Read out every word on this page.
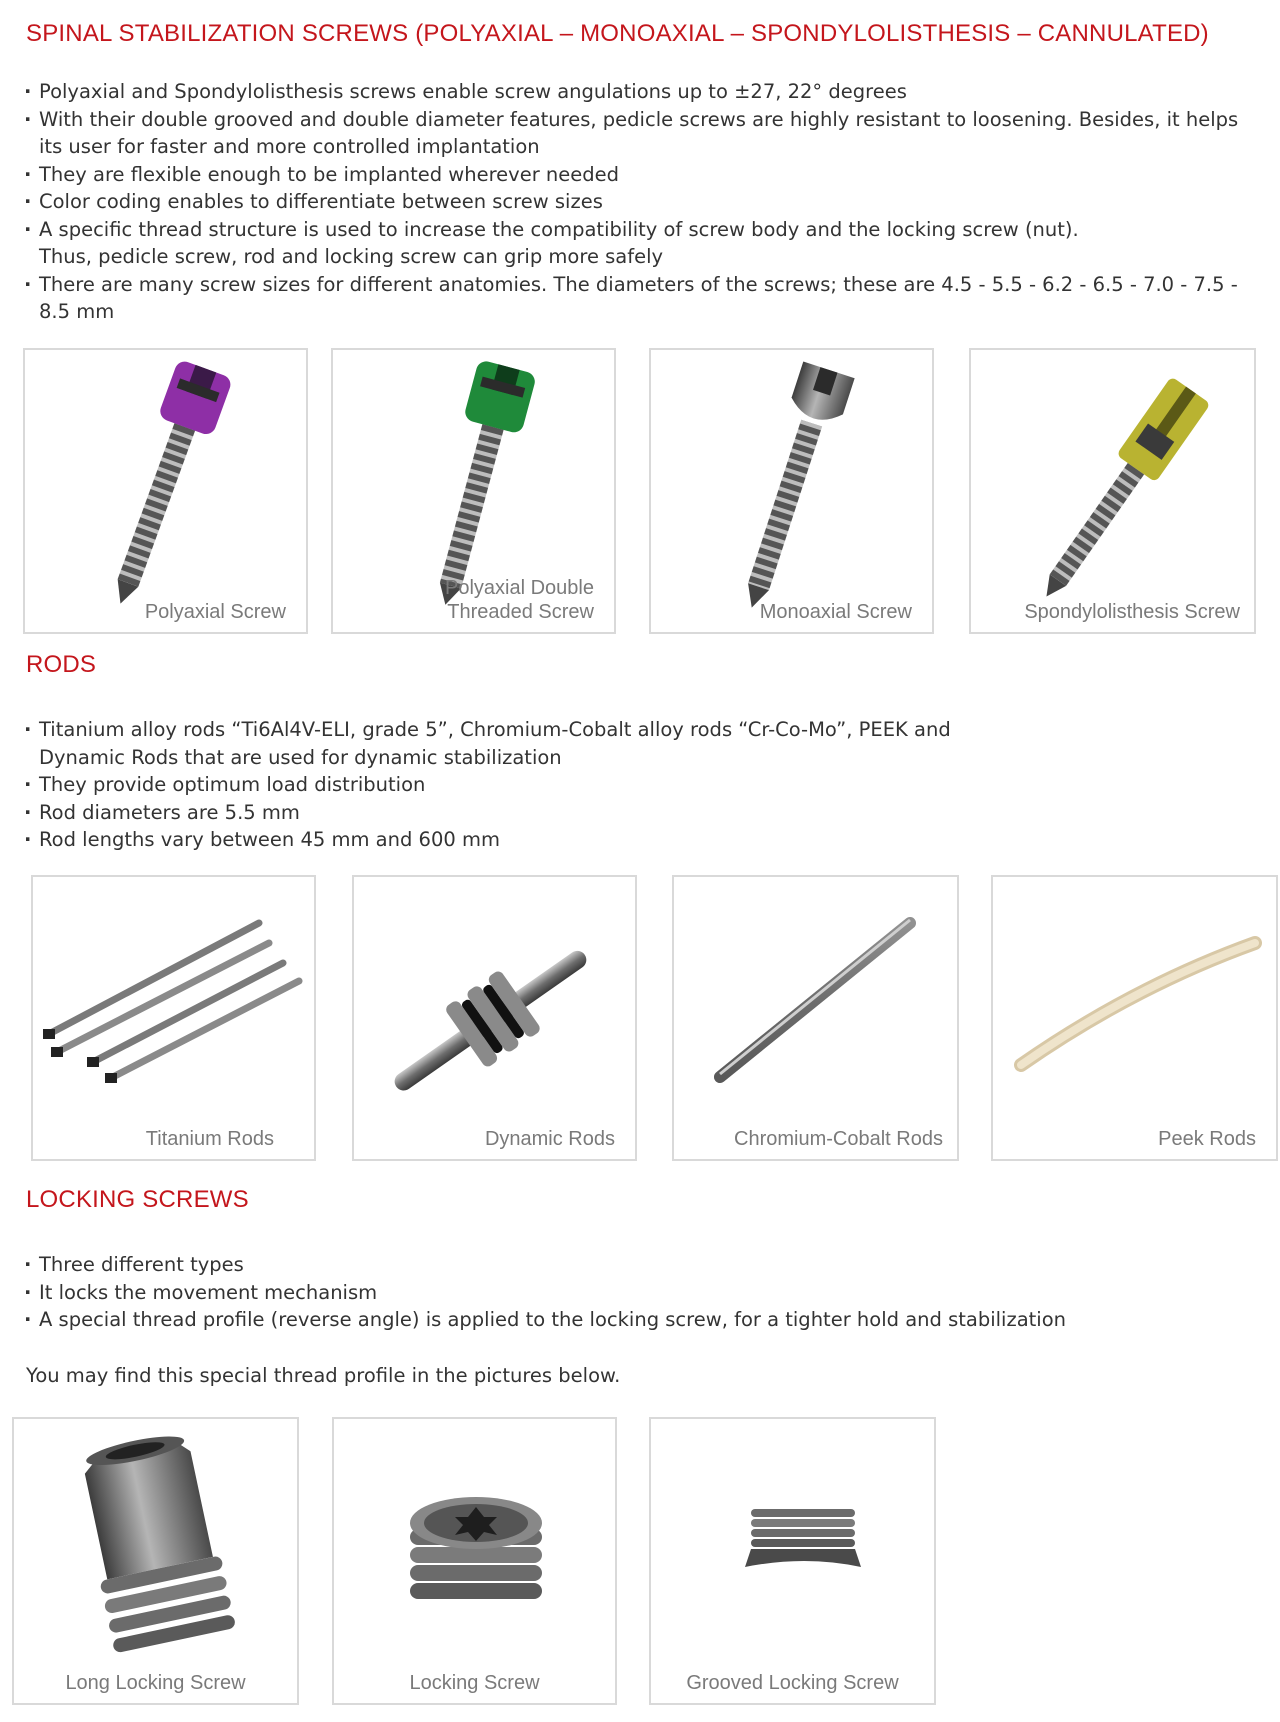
SPINAL STABILIZATION SCREWS (POLYAXIAL – MONOAXIAL – SPONDYLOLISTHESIS – CANNULATED)
· Polyaxial and Spondylolisthesis screws enable screw angulations up to ±27, 22° degrees
· With their double grooved and double diameter features, pedicle screws are highly resistant to loosening. Besides, it helps its user for faster and more controlled implantation
· They are flexible enough to be implanted wherever needed
· Color coding enables to differentiate between screw sizes
· A specific thread structure is used to increase the compatibility of screw body and the locking screw (nut). Thus, pedicle screw, rod and locking screw can grip more safely
· There are many screw sizes for different anatomies. The diameters of the screws; these are 4.5 - 5.5 - 6.2 - 6.5 - 7.0 - 7.5 - 8.5 mm
Polyaxial Screw
Polyaxial Double
Threaded Screw	Monoaxial Screw	Spondylolisthesis Screw
RODS
· Titanium alloy rods “Ti6Al4V-ELI, grade 5”, Chromium-Cobalt alloy rods “Cr-Co-Mo”, PEEK and Dynamic Rods that are used for dynamic stabilization
· They provide optimum load distribution
· Rod diameters are 5.5 mm
· Rod lengths vary between 45 mm and 600 mm
Titanium Rods	Dynamic Rods	Chromium-Cobalt Rods	Peek Rods
LOCKING SCREWS
· Three different types
· It locks the movement mechanism
· A special thread profile (reverse angle) is applied to the locking screw, for a tighter hold and stabilization

You may find this special thread profile in the pictures below.

Long Locking Screw	Locking Screw	Grooved Locking Screw
